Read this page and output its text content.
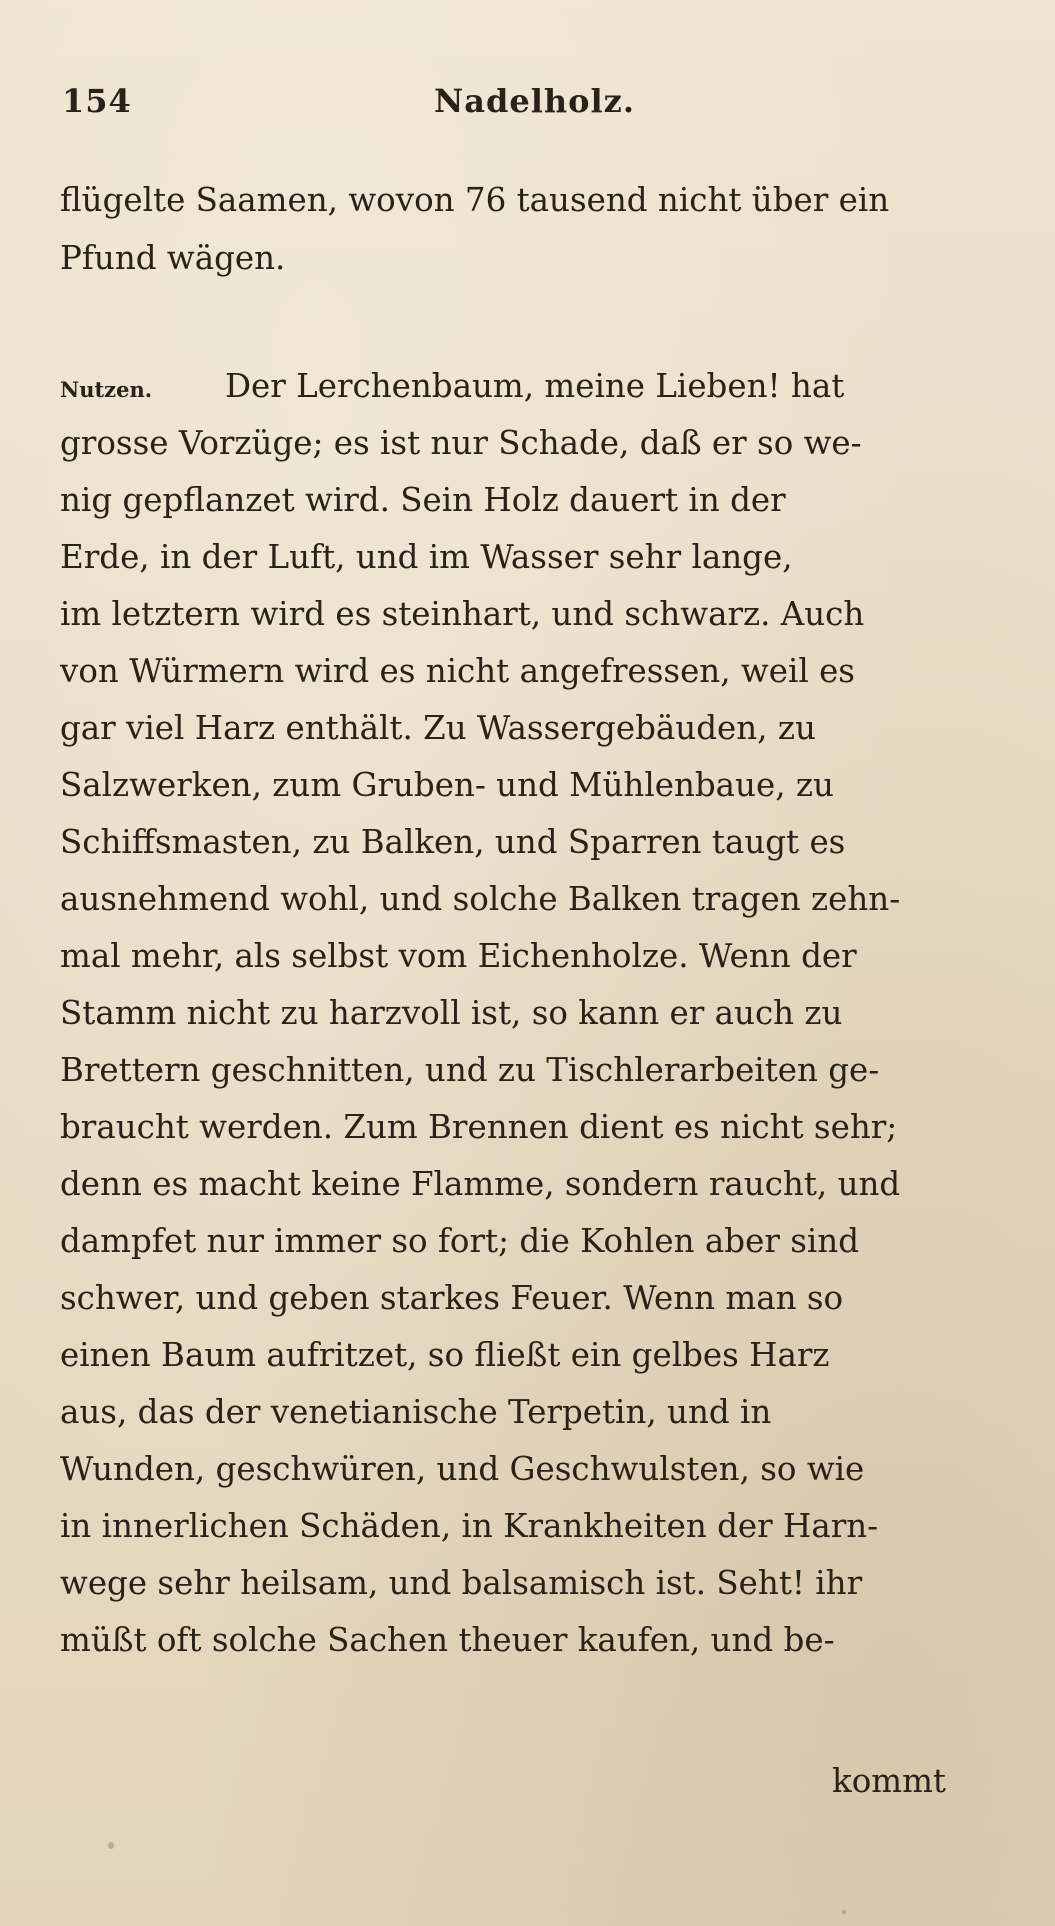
154	Nadelholz.
flügelte Saamen, wovon 76 tausend nicht über ein
Pfund wägen.
Nutzen. Der Lerchenbaum, meine Lieben! hat
grosse Vorzüge; es ist nur Schade, daß er so we-
nig gepflanzet wird. Sein Holz dauert in der
Erde, in der Luft, und im Wasser sehr lange,
im letztern wird es steinhart, und schwarz. Auch
von Würmern wird es nicht angefressen, weil es
gar viel Harz enthält. Zu Wassergebäuden, zu
Salzwerken, zum Gruben- und Mühlenbaue, zu
Schiffsmasten, zu Balken, und Sparren taugt es
ausnehmend wohl, und solche Balken tragen zehn-
mal mehr, als selbst vom Eichenholze. Wenn der
Stamm nicht zu harzvoll ist, so kann er auch zu
Brettern geschnitten, und zu Tischlerarbeiten ge-
braucht werden. Zum Brennen dient es nicht sehr;
denn es macht keine Flamme, sondern raucht, und
dampfet nur immer so fort; die Kohlen aber sind
schwer, und geben starkes Feuer. Wenn man so
einen Baum aufritzet, so fließt ein gelbes Harz
aus, das der venetianische Terpetin, und in
Wunden, geschwüren, und Geschwulsten, so wie
in innerlichen Schäden, in Krankheiten der Harn-
wege sehr heilsam, und balsamisch ist. Seht! ihr
müßt oft solche Sachen theuer kaufen, und be-
kommt
